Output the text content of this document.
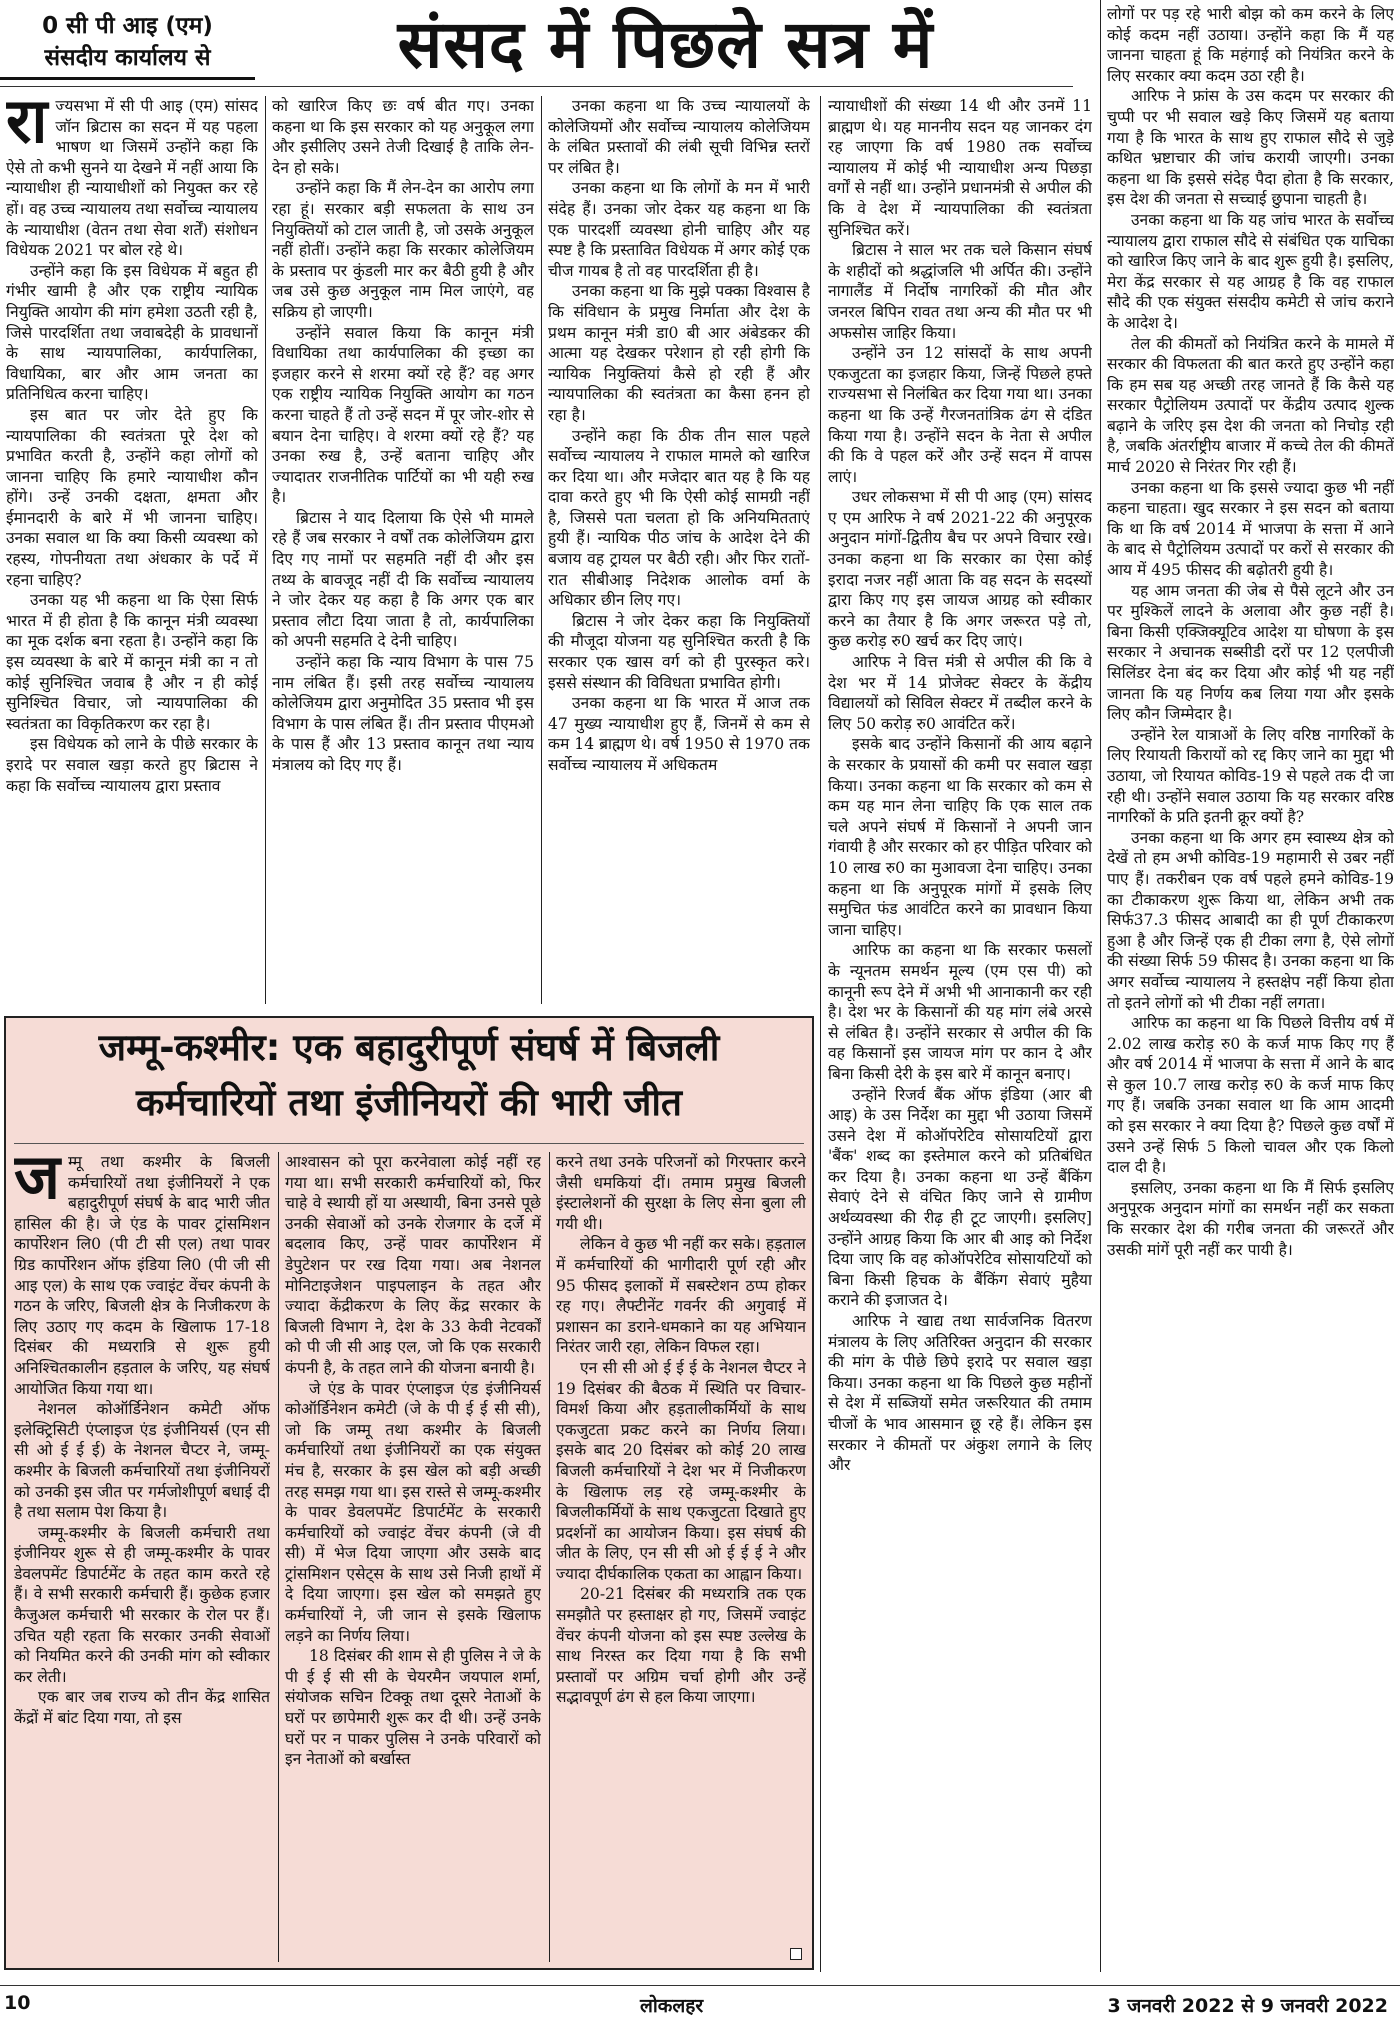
0 सी पी आइ (एम)
संसदीय कार्यालय से	संसद में पिछले सत्र में
रा ज्यसभा में सी पी आइ (एम) सांसद जॉन ब्रिटास का सदन में यह पहला भाषण था जिसमें उन्होंने कहा कि ऐसे तो कभी सुनने या देखने में नहीं आया कि न्यायाधीश ही न्यायाधीशों को नियुक्त कर रहे हों। वह उच्च न्यायालय तथा सर्वोच्च न्यायालय के न्यायाधीश (वेतन तथा सेवा शर्तें) संशोधन विधेयक 2021 पर बोल रहे थे।

उन्होंने कहा कि इस विधेयक में बहुत ही गंभीर खामी है और एक राष्ट्रीय न्यायिक नियुक्ति आयोग की मांग हमेशा उठती रही है, जिसे पारदर्शिता तथा जवाबदेही के प्रावधानों के साथ न्यायपालिका, कार्यपालिका, विधायिका, बार और आम जनता का प्रतिनिधित्व करना चाहिए।

इस बात पर जोर देते हुए कि न्यायपालिका की स्वतंत्रता पूरे देश को प्रभावित करती है, उन्होंने कहा लोगों को जानना चाहिए कि हमारे न्यायाधीश कौन होंगे। उन्हें उनकी दक्षता, क्षमता और ईमानदारी के बारे में भी जानना चाहिए। उनका सवाल था कि क्या किसी व्यवस्था को रहस्य, गोपनीयता तथा अंधकार के पर्दे में रहना चाहिए?

उनका यह भी कहना था कि ऐसा सिर्फ भारत में ही होता है कि कानून मंत्री व्यवस्था का मूक दर्शक बना रहता है। उन्होंने कहा कि इस व्यवस्था के बारे में कानून मंत्री का न तो कोई सुनिश्चित जवाब है और न ही कोई सुनिश्चित विचार, जो न्यायपालिका की स्वतंत्रता का विकृतिकरण कर रहा है।

इस विधेयक को लाने के पीछे सरकार के इरादे पर सवाल खड़ा करते हुए ब्रिटास ने कहा कि सर्वोच्च न्यायालय द्वारा प्रस्ताव

को खारिज किए छः वर्ष बीत गए। उनका कहना था कि इस सरकार को यह अनुकूल लगा और इसीलिए उसने तेजी दिखाई है ताकि लेन-देन हो सके।

उन्होंने कहा कि मैं लेन-देन का आरोप लगा रहा हूं। सरकार बड़ी सफलता के साथ उन नियुक्तियों को टाल जाती है, जो उसके अनुकूल नहीं होतीं। उन्होंने कहा कि सरकार कोलेजियम के प्रस्ताव पर कुंडली मार कर बैठी हुयी है और जब उसे कुछ अनुकूल नाम मिल जाएंगे, वह सक्रिय हो जाएगी।

उन्होंने सवाल किया कि कानून मंत्री विधायिका तथा कार्यपालिका की इच्छा का इजहार करने से शरमा क्यों रहे हैं? वह अगर एक राष्ट्रीय न्यायिक नियुक्ति आयोग का गठन करना चाहते हैं तो उन्हें सदन में पूर जोर-शोर से बयान देना चाहिए। वे शरमा क्यों रहे हैं? यह उनका रुख है, उन्हें बताना चाहिए और ज्यादातर राजनीतिक पार्टियों का भी यही रुख है।

ब्रिटास ने याद दिलाया कि ऐसे भी मामले रहे हैं जब सरकार ने वर्षों तक कोलेजियम द्वारा दिए गए नामों पर सहमति नहीं दी और इस तथ्य के बावजूद नहीं दी कि सर्वोच्च न्यायालय ने जोर देकर यह कहा है कि अगर एक बार प्रस्ताव लौटा दिया जाता है तो, कार्यपालिका को अपनी सहमति दे देनी चाहिए।

उन्होंने कहा कि न्याय विभाग के पास 75 नाम लंबित हैं। इसी तरह सर्वोच्च न्यायालय कोलेजियम द्वारा अनुमोदित 35 प्रस्ताव भी इस विभाग के पास लंबित हैं। तीन प्रस्ताव पीएमओ के पास हैं और 13 प्रस्ताव कानून तथा न्याय मंत्रालय को दिए गए हैं।

उनका कहना था कि उच्च न्यायालयों के कोलेजियमों और सर्वोच्च न्यायालय कोलेजियम के लंबित प्रस्तावों की लंबी सूची विभिन्न स्तरों पर लंबित है।

उनका कहना था कि लोगों के मन में भारी संदेह हैं। उनका जोर देकर यह कहना था कि एक पारदर्शी व्यवस्था होनी चाहिए और यह स्पष्ट है कि प्रस्तावित विधेयक में अगर कोई एक चीज गायब है तो वह पारदर्शिता ही है।

उनका कहना था कि मुझे पक्का विश्वास है कि संविधान के प्रमुख निर्माता और देश के प्रथम कानून मंत्री डा0 बी आर अंबेडकर की आत्मा यह देखकर परेशान हो रही होगी कि न्यायिक नियुक्तियां कैसे हो रही हैं और न्यायपालिका की स्वतंत्रता का कैसा हनन हो रहा है।

उन्होंने कहा कि ठीक तीन साल पहले सर्वोच्च न्यायालय ने राफाल मामले को खारिज कर दिया था। और मजेदार बात यह है कि यह दावा करते हुए भी कि ऐसी कोई सामग्री नहीं है, जिससे पता चलता हो कि अनियमितताएं हुयी हैं। न्यायिक पीठ जांच के आदेश देने की बजाय वह ट्रायल पर बैठी रही। और फिर रातों-रात सीबीआइ निदेशक आलोक वर्मा के अधिकार छीन लिए गए।

ब्रिटास ने जोर देकर कहा कि नियुक्तियों की मौजूदा योजना यह सुनिश्चित करती है कि सरकार एक खास वर्ग को ही पुरस्कृत करे। इससे संस्थान की विविधता प्रभावित होगी।

उनका कहना था कि भारत में आज तक 47 मुख्य न्यायाधीश हुए हैं, जिनमें से कम से कम 14 ब्राह्मण थे। वर्ष 1950 से 1970 तक सर्वोच्च न्यायालय में अधिकतम

न्यायाधीशों की संख्या 14 थी और उनमें 11 ब्राह्मण थे। यह माननीय सदन यह जानकर दंग रह जाएगा कि वर्ष 1980 तक सर्वोच्च न्यायालय में कोई भी न्यायाधीश अन्य पिछड़ा वर्गों से नहीं था। उन्होंने प्रधानमंत्री से अपील की कि वे देश में न्यायपालिका की स्वतंत्रता सुनिश्चित करें।

ब्रिटास ने साल भर तक चले किसान संघर्ष के शहीदों को श्रद्धांजलि भी अर्पित की। उन्होंने नागालैंड में निर्दोष नागरिकों की मौत और जनरल बिपिन रावत तथा अन्य की मौत पर भी अफसोस जाहिर किया।

उन्होंने उन 12 सांसदों के साथ अपनी एकजुटता का इजहार किया, जिन्हें पिछले हफ्ते राज्यसभा से निलंबित कर दिया गया था। उनका कहना था कि उन्हें गैरजनतांत्रिक ढंग से दंडित किया गया है। उन्होंने सदन के नेता से अपील की कि वे पहल करें और उन्हें सदन में वापस लाएं।

उधर लोकसभा में सी पी आइ (एम) सांसद ए एम आरिफ ने वर्ष 2021-22 की अनुपूरक अनुदान मांगों-द्वितीय बैच पर अपने विचार रखे। उनका कहना था कि सरकार का ऐसा कोई इरादा नजर नहीं आता कि वह सदन के सदस्यों द्वारा किए गए इस जायज आग्रह को स्वीकार करने का तैयार है कि अगर जरूरत पड़े तो, कुछ करोड़ रु0 खर्च कर दिए जाएं।

आरिफ ने वित्त मंत्री से अपील की कि वे देश भर में 14 प्रोजेक्ट सेक्टर के केंद्रीय विद्यालयों को सिविल सेक्टर में तब्दील करने के लिए 50 करोड़ रु0 आवंटित करें।

इसके बाद उन्होंने किसानों की आय बढ़ाने के सरकार के प्रयासों की कमी पर सवाल खड़ा किया। उनका कहना था कि सरकार को कम से कम यह मान लेना चाहिए कि एक साल तक चले अपने संघर्ष में किसानों ने अपनी जान गंवायी है और सरकार को हर पीड़ित परिवार को 10 लाख रु0 का मुआवजा देना चाहिए। उनका कहना था कि अनुपूरक मांगों में इसके लिए समुचित फंड आवंटित करने का प्रावधान किया जाना चाहिए।

आरिफ का कहना था कि सरकार फसलों के न्यूनतम समर्थन मूल्य (एम एस पी) को कानूनी रूप देने में अभी भी आनाकानी कर रही है। देश भर के किसानों की यह मांग लंबे अरसे से लंबित है। उन्होंने सरकार से अपील की कि वह किसानों इस जायज मांग पर कान दे और बिना किसी देरी के इस बारे में कानून बनाए।

उन्होंने रिजर्व बैंक ऑफ इंडिया (आर बी आइ) के उस निर्देश का मुद्दा भी उठाया जिसमें उसने देश में कोऑपरेटिव सोसायटियों द्वारा 'बैंक' शब्द का इस्तेमाल करने को प्रतिबंधित कर दिया है। उनका कहना था उन्हें बैंकिंग सेवाएं देने से वंचित किए जाने से ग्रामीण अर्थव्यवस्था की रीढ़ ही टूट जाएगी। इसलिए] उन्होंने आग्रह किया कि आर बी आइ को निर्देश दिया जाए कि वह कोऑपरेटिव सोसायटियों को बिना किसी हिचक के बैंकिंग सेवाएं मुहैया कराने की इजाजत दे।

आरिफ ने खाद्य तथा सार्वजनिक वितरण मंत्रालय के लिए अतिरिक्त अनुदान की सरकार की मांग के पीछे छिपे इरादे पर सवाल खड़ा किया। उनका कहना था कि पिछले कुछ महीनों से देश में सब्जियों समेत जरूरियात की तमाम चीजों के भाव आसमान छू रहे हैं। लेकिन इस सरकार ने कीमतों पर अंकुश लगाने के लिए और

लोगों पर पड़ रहे भारी बोझ को कम करने के लिए कोई कदम नहीं उठाया। उन्होंने कहा कि मैं यह जानना चाहता हूं कि महंगाई को नियंत्रित करने के लिए सरकार क्या कदम उठा रही है।

आरिफ ने फ्रांस के उस कदम पर सरकार की चुप्पी पर भी सवाल खड़े किए जिसमें यह बताया गया है कि भारत के साथ हुए राफाल सौदे से जुड़े कथित भ्रष्टाचार की जांच करायी जाएगी। उनका कहना था कि इससे संदेह पैदा होता है कि सरकार, इस देश की जनता से सच्चाई छुपाना चाहती है।

उनका कहना था कि यह जांच भारत के सर्वोच्च न्यायालय द्वारा राफाल सौदे से संबंधित एक याचिका को खारिज किए जाने के बाद शुरू हुयी है। इसलिए, मेरा केंद्र सरकार से यह आग्रह है कि वह राफाल सौदे की एक संयुक्त संसदीय कमेटी से जांच कराने के आदेश दे।

तेल की कीमतों को नियंत्रित करने के मामले में सरकार की विफलता की बात करते हुए उन्होंने कहा कि हम सब यह अच्छी तरह जानते हैं कि कैसे यह सरकार पैट्रोलियम उत्पादों पर केंद्रीय उत्पाद शुल्क बढ़ाने के जरिए इस देश की जनता को निचोड़ रही है, जबकि अंतर्राष्ट्रीय बाजार में कच्चे तेल की कीमतें मार्च 2020 से निरंतर गिर रही हैं।

उनका कहना था कि इससे ज्यादा कुछ भी नहीं कहना चाहता। खुद सरकार ने इस सदन को बताया कि था कि वर्ष 2014 में भाजपा के सत्ता में आने के बाद से पैट्रोलियम उत्पादों पर करों से सरकार की आय में 495 फीसद की बढ़ोतरी हुयी है।

यह आम जनता की जेब से पैसे लूटने और उन पर मुश्किलें लादने के अलावा और कुछ नहीं है। बिना किसी एक्जिक्यूटिव आदेश या घोषणा के इस सरकार ने अचानक सब्सीडी दरों पर 12 एलपीजी सिलिंडर देना बंद कर दिया और कोई भी यह नहीं जानता कि यह निर्णय कब लिया गया और इसके लिए कौन जिम्मेदार है।

उन्होंने रेल यात्राओं के लिए वरिष्ठ नागरिकों के लिए रियायती किरायों को रद्द किए जाने का मुद्दा भी उठाया, जो रियायत कोविड-19 से पहले तक दी जा रही थी। उन्होंने सवाल उठाया कि यह सरकार वरिष्ठ नागरिकों के प्रति इतनी क्रूर क्यों है?

उनका कहना था कि अगर हम स्वास्थ्य क्षेत्र को देखें तो हम अभी कोविड-19 महामारी से उबर नहीं पाए हैं। तकरीबन एक वर्ष पहले हमने कोविड-19 का टीकाकरण शुरू किया था, लेकिन अभी तक सिर्फ37.3 फीसद आबादी का ही पूर्ण टीकाकरण हुआ है और जिन्हें एक ही टीका लगा है, ऐसे लोगों की संख्या सिर्फ 59 फीसद है। उनका कहना था कि अगर सर्वोच्च न्यायालय ने हस्तक्षेप नहीं किया होता तो इतने लोगों को भी टीका नहीं लगता।

आरिफ का कहना था कि पिछले वित्तीय वर्ष में 2.02 लाख करोड़ रु0 के कर्ज माफ किए गए हैं और वर्ष 2014 में भाजपा के सत्ता में आने के बाद से कुल 10.7 लाख करोड़ रु0 के कर्ज माफ किए गए हैं। जबकि उनका सवाल था कि आम आदमी को इस सरकार ने क्या दिया है? पिछले कुछ वर्षों में उसने उन्हें सिर्फ 5 किलो चावल और एक किलो दाल दी है।

इसलिए, उनका कहना था कि मैं सिर्फ इसलिए अनुपूरक अनुदान मांगों का समर्थन नहीं कर सकता कि सरकार देश की गरीब जनता की जरूरतें और उसकी मांगें पूरी नहीं कर पायी है।

जम्मू-कश्मीर: एक बहादुरीपूर्ण संघर्ष में बिजली
कर्मचारियों तथा इंजीनियरों की भारी जीत
ज म्मू तथा कश्मीर के बिजली कर्मचारियों तथा इंजीनियरों ने एक बहादुरीपूर्ण संघर्ष के बाद भारी जीत हासिल की है। जे एंड के पावर ट्रांसमिशन कार्पोरेशन लि0 (पी टी सी एल) तथा पावर ग्रिड कार्पोरेशन ऑफ इंडिया लि0 (पी जी सी आइ एल) के साथ एक ज्वाइंट वेंचर कंपनी के गठन के जरिए, बिजली क्षेत्र के निजीकरण के लिए उठाए गए कदम के खिलाफ 17-18 दिसंबर की मध्यरात्रि से शुरू हुयी अनिश्चितकालीन हड़ताल के जरिए, यह संघर्ष आयोजित किया गया था।

नेशनल कोऑर्डिनेशन कमेटी ऑफ इलेक्ट्रिसिटी एंप्लाइज एंड इंजीनियर्स (एन सी सी ओ ई ई ई) के नेशनल चैप्टर ने, जम्मू-कश्मीर के बिजली कर्मचारियों तथा इंजीनियरों को उनकी इस जीत पर गर्मजोशीपूर्ण बधाई दी है तथा सलाम पेश किया है।

जम्मू-कश्मीर के बिजली कर्मचारी तथा इंजीनियर शुरू से ही जम्मू-कश्मीर के पावर डेवलपमेंट डिपार्टमेंट के तहत काम करते रहे हैं। वे सभी सरकारी कर्मचारी हैं। कुछेक हजार कैजुअल कर्मचारी भी सरकार के रोल पर हैं। उचित यही रहता कि सरकार उनकी सेवाओं को नियमित करने की उनकी मांग को स्वीकार कर लेती।

एक बार जब राज्य को तीन केंद्र शासित केंद्रों में बांट दिया गया, तो इस

आश्वासन को पूरा करनेवाला कोई नहीं रह गया था। सभी सरकारी कर्मचारियों को, फिर चाहे वे स्थायी हों या अस्थायी, बिना उनसे पूछे उनकी सेवाओं को उनके रोजगार के दर्जे में बदलाव किए, उन्हें पावर कार्पोरेशन में डेपुटेशन पर रख दिया गया। अब नेशनल मोनिटाइजेशन पाइपलाइन के तहत और ज्यादा केंद्रीकरण के लिए केंद्र सरकार के बिजली विभाग ने, देश के 33 केवी नेटवर्कों को पी जी सी आइ एल, जो कि एक सरकारी कंपनी है, के तहत लाने की योजना बनायी है।

जे एंड के पावर एंप्लाइज एंड इंजीनियर्स कोऑर्डिनेशन कमेटी (जे के पी ई ई सी सी), जो कि जम्मू तथा कश्मीर के बिजली कर्मचारियों तथा इंजीनियरों का एक संयुक्त मंच है, सरकार के इस खेल को बड़ी अच्छी तरह समझ गया था। इस रास्ते से जम्मू-कश्मीर के पावर डेवलपमेंट डिपार्टमेंट के सरकारी कर्मचारियों को ज्वाइंट वेंचर कंपनी (जे वी सी) में भेज दिया जाएगा और उसके बाद ट्रांसमिशन एसेट्स के साथ उसे निजी हाथों में दे दिया जाएगा। इस खेल को समझते हुए कर्मचारियों ने, जी जान से इसके खिलाफ लड़ने का निर्णय लिया।

18 दिसंबर की शाम से ही पुलिस ने जे के पी ई ई सी सी के चेयरमैन जयपाल शर्मा, संयोजक सचिन टिक्कू तथा दूसरे नेताओं के घरों पर छापेमारी शुरू कर दी थी। उन्हें उनके घरों पर न पाकर पुलिस ने उनके परिवारों को इन नेताओं को बर्खास्त

करने तथा उनके परिजनों को गिरफ्तार करने जैसी धमकियां दीं। तमाम प्रमुख बिजली इंस्टालेशनों की सुरक्षा के लिए सेना बुला ली गयी थी।

लेकिन वे कुछ भी नहीं कर सके। हड़ताल में कर्मचारियों की भागीदारी पूर्ण रही और 95 फीसद इलाकों में सबस्टेशन ठप्प होकर रह गए। लैफ्टीनेंट गवर्नर की अगुवाई में प्रशासन का डराने-धमकाने का यह अभियान निरंतर जारी रहा, लेकिन विफल रहा।

एन सी सी ओ ई ई ई के नेशनल चैप्टर ने 19 दिसंबर की बैठक में स्थिति पर विचार-विमर्श किया और हड़तालीकर्मियों के साथ एकजुटता प्रकट करने का निर्णय लिया। इसके बाद 20 दिसंबर को कोई 20 लाख बिजली कर्मचारियों ने देश भर में निजीकरण के खिलाफ लड़ रहे जम्मू-कश्मीर के बिजलीकर्मियों के साथ एकजुटता दिखाते हुए प्रदर्शनों का आयोजन किया। इस संघर्ष की जीत के लिए, एन सी सी ओ ई ई ई ने और ज्यादा दीर्घकालिक एकता का आह्वान किया।

20-21 दिसंबर की मध्यरात्रि तक एक समझौते पर हस्ताक्षर हो गए, जिसमें ज्वाइंट वेंचर कंपनी योजना को इस स्पष्ट उल्लेख के साथ निरस्त कर दिया गया है कि सभी प्रस्तावों पर अग्रिम चर्चा होगी और उन्हें सद्भावपूर्ण ढंग से हल किया जाएगा।

10	लोकलहर	3 जनवरी 2022 से 9 जनवरी 2022
